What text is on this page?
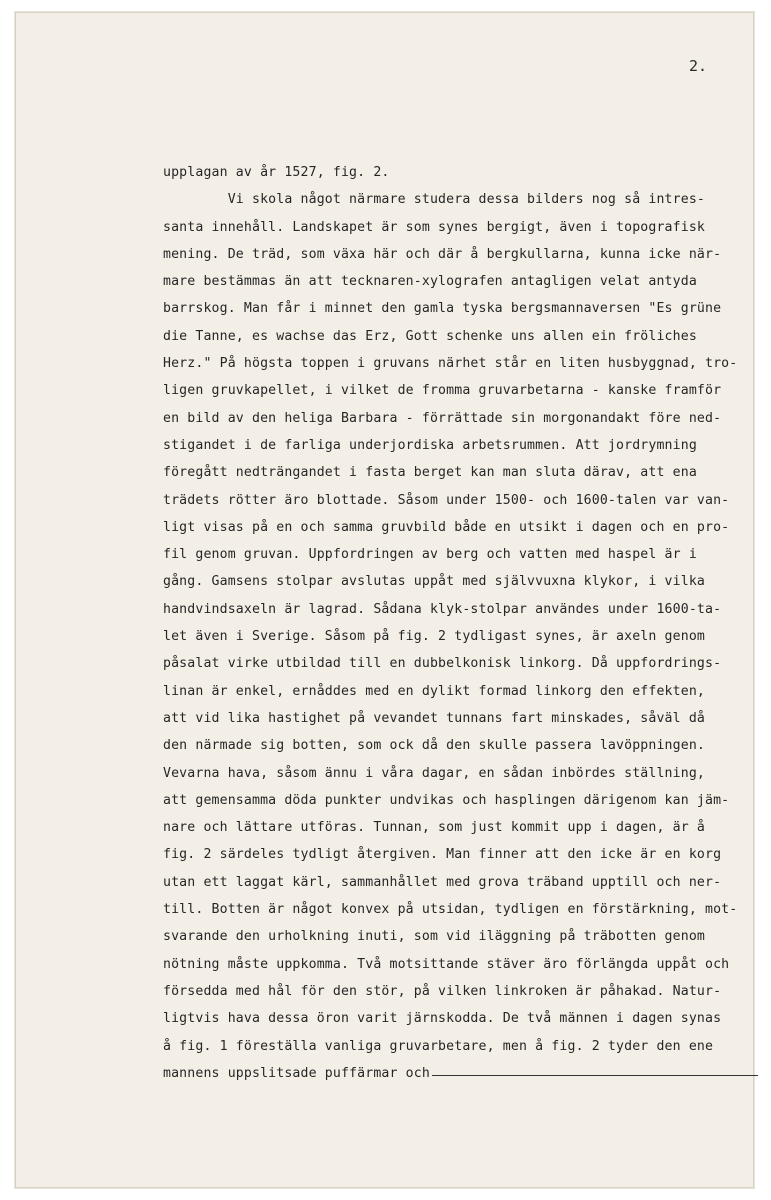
2.
upplagan av år 1527, fig. 2.
Vi skola något närmare studera dessa bilders nog så intres-
santa innehåll. Landskapet är som synes bergigt, även i topografisk
mening. De träd, som växa här och där å bergkullarna, kunna icke när-
mare bestämmas än att tecknaren-xylografen antagligen velat antyda
barrskog. Man får i minnet den gamla tyska bergsmannaversen "Es grüne
die Tanne, es wachse das Erz, Gott schenke uns allen ein fröliches
Herz." På högsta toppen i gruvans närhet står en liten husbyggnad, tro-
ligen gruvkapellet, i vilket de fromma gruvarbetarna - kanske framför
en bild av den heliga Barbara - förrättade sin morgonandakt före ned-
stigandet i de farliga underjordiska arbetsrummen. Att jordrymning
föregått nedträngandet i fasta berget kan man sluta därav, att ena
trädets rötter äro blottade. Såsom under 1500- och 1600-talen var van-
ligt visas på en och samma gruvbild både en utsikt i dagen och en pro-
fil genom gruvan. Uppfordringen av berg och vatten med haspel är i
gång. Gamsens stolpar avslutas uppåt med självvuxna klykor, i vilka
handvindsaxeln är lagrad. Sådana klyk-stolpar användes under 1600-ta-
let även i Sverige. Såsom på fig. 2 tydligast synes, är axeln genom
påsalat virke utbildad till en dubbelkonisk linkorg. Då uppfordrings-
linan är enkel, ernåddes med en dylikt formad linkorg den effekten,
att vid lika hastighet på vevandet tunnans fart minskades, såväl då
den närmade sig botten, som ock då den skulle passera lavöppningen.
Vevarna hava, såsom ännu i våra dagar, en sådan inbördes ställning,
att gemensamma döda punkter undvikas och hasplingen därigenom kan jäm-
nare och lättare utföras. Tunnan, som just kommit upp i dagen, är å
fig. 2 särdeles tydligt återgiven. Man finner att den icke är en korg
utan ett laggat kärl, sammanhållet med grova träband upptill och ner-
till. Botten är något konvex på utsidan, tydligen en förstärkning, mot-
svarande den urholkning inuti, som vid iläggning på träbotten genom
nötning måste uppkomma. Två motsittande stäver äro förlängda uppåt och
försedda med hål för den stör, på vilken linkroken är påhakad. Natur-
ligtvis hava dessa öron varit järnskodda. De två männen i dagen synas
å fig. 1 föreställa vanliga gruvarbetare, men å fig. 2 tyder den ene
mannens uppslitsade puffärmar och
